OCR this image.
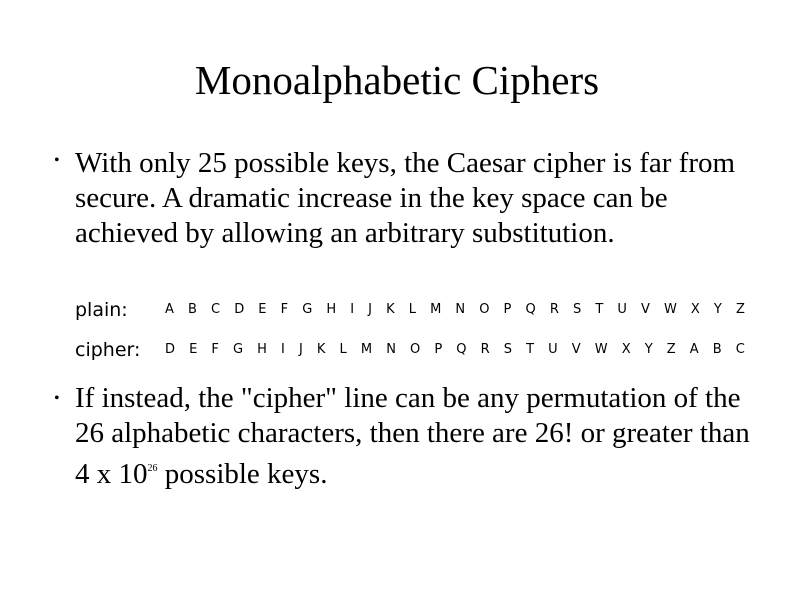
Monoalphabetic Ciphers
• With only 25 possible keys, the Caesar cipher is far from secure. A dramatic increase in the key space can be achieved by allowing an arbitrary substitution.
plain:	A B C D E F G H I J K L M N O P Q R S T U V W X Y Z
cipher: D E F G H I J K L M N O P Q R S T U V W X Y Z A B C
• If instead, the "cipher" line can be any permutation of the 26 alphabetic characters, then there are 26! or greater than 4 x $10^{26}$ possible keys.
